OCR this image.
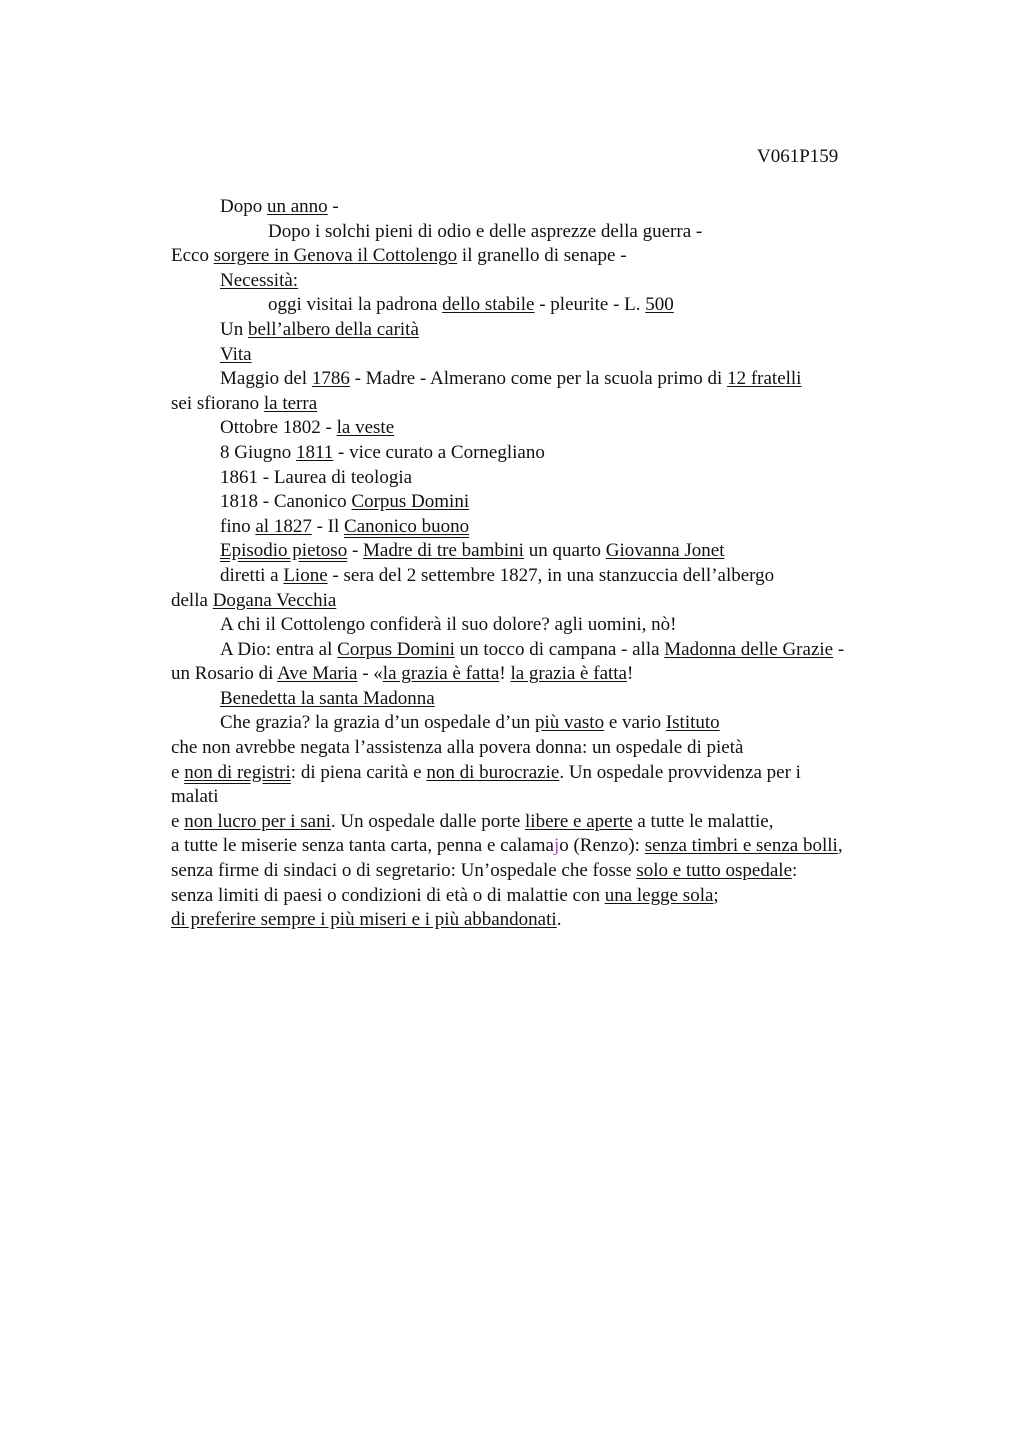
V061P159
Dopo un anno -
Dopo i solchi pieni di odio e delle asprezze della guerra -
Ecco sorgere in Genova il Cottolengo il granello di senape -
Necessità:
oggi visitai la padrona dello stabile - pleurite - L. 500
Un bell’albero della carità
Vita
Maggio del 1786 - Madre - Almerano come per la scuola primo di 12 fratelli
sei sfiorano la terra
Ottobre 1802 - la veste
8 Giugno 1811 - vice curato a Cornegliano
1861 - Laurea di teologia
1818 - Canonico Corpus Domini
fino al 1827 - Il Canonico buono
Episodio pietoso - Madre di tre bambini un quarto Giovanna Jonet
diretti a Lione - sera del 2 settembre 1827, in una stanzuccia dell’albergo
della Dogana Vecchia
A chi il Cottolengo confiderà il suo dolore? agli uomini, nò!
A Dio: entra al Corpus Domini un tocco di campana - alla Madonna delle Grazie -
un Rosario di Ave Maria - «la grazia è fatta! la grazia è fatta!
Benedetta la santa Madonna
Che grazia? la grazia d’un ospedale d’un più vasto e vario Istituto
che non avrebbe negata l’assistenza alla povera donna: un ospedale di pietà
e non di registri: di piena carità e non di burocrazie. Un ospedale provvidenza per i
malati
e non lucro per i sani. Un ospedale dalle porte libere e aperte a tutte le malattie,
a tutte le miserie senza tanta carta, penna e calamajo (Renzo): senza timbri e senza bolli,
senza firme di sindaci o di segretario: Un’ospedale che fosse solo e tutto ospedale:
senza limiti di paesi o condizioni di età o di malattie con una legge sola;
di preferire sempre i più miseri e i più abbandonati.
